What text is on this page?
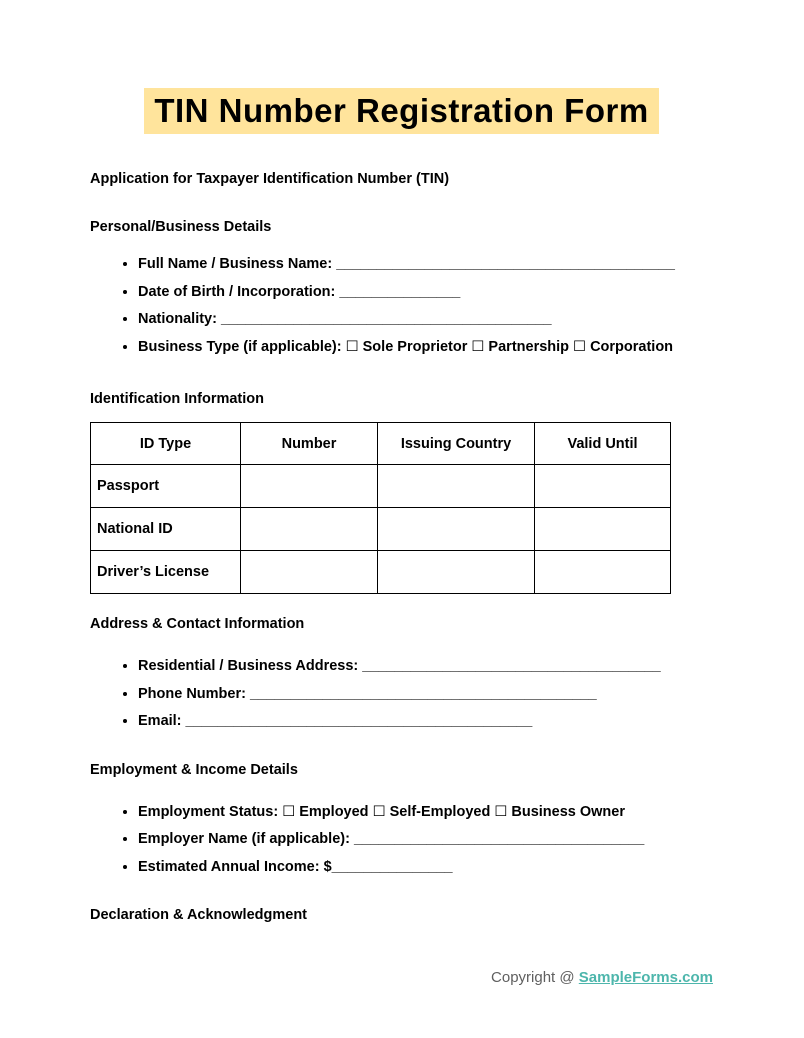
TIN Number Registration Form
Application for Taxpayer Identification Number (TIN)
Personal/Business Details
• Full Name / Business Name: __________________________________________
• Date of Birth / Incorporation: _______________
• Nationality: _________________________________________
• Business Type (if applicable): ☐ Sole Proprietor ☐ Partnership ☐ Corporation
Identification Information
ID Type	Number	Issuing Country	Valid Until
Passport			
National ID			
Driver’s License			
Address & Contact Information
• Residential / Business Address: _____________________________________
• Phone Number: ___________________________________________
• Email: ___________________________________________
Employment & Income Details
• Employment Status: ☐ Employed ☐ Self-Employed ☐ Business Owner
• Employer Name (if applicable): ____________________________________
• Estimated Annual Income: $_______________
Declaration & Acknowledgment
Copyright @ SampleForms.com
